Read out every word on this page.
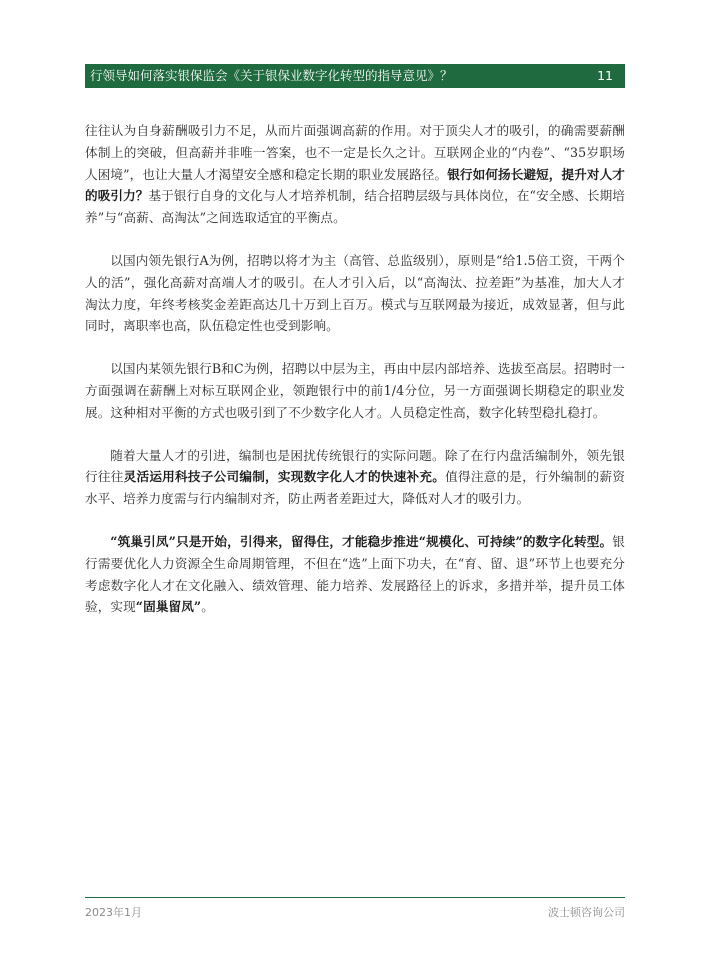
行领导如何落实银保监会《关于银保业数字化转型的指导意见》？	11

往往认为自身薪酬吸引力不足，从而片面强调高薪的作用。对于顶尖人才的吸引，的确需要薪酬体制上的突破，但高薪并非唯一答案，也不一定是长久之计。互联网企业的“内卷”、“35岁职场人困境”，也让大量人才渴望安全感和稳定长期的职业发展路径。银行如何扬长避短，提升对人才的吸引力？基于银行自身的文化与人才培养机制，结合招聘层级与具体岗位，在“安全感、长期培养”与“高薪、高淘汰”之间选取适宜的平衡点。

以国内领先银行A为例，招聘以将才为主（高管、总监级别），原则是“给1.5倍工资，干两个人的活”，强化高薪对高端人才的吸引。在人才引入后，以“高淘汰、拉差距”为基准，加大人才淘汰力度，年终考核奖金差距高达几十万到上百万。模式与互联网最为接近，成效显著，但与此同时，离职率也高，队伍稳定性也受到影响。

以国内某领先银行B和C为例，招聘以中层为主，再由中层内部培养、选拔至高层。招聘时一方面强调在薪酬上对标互联网企业，领跑银行中的前1/4分位，另一方面强调长期稳定的职业发展。这种相对平衡的方式也吸引到了不少数字化人才。人员稳定性高，数字化转型稳扎稳打。

随着大量人才的引进，编制也是困扰传统银行的实际问题。除了在行内盘活编制外，领先银行往往灵活运用科技子公司编制，实现数字化人才的快速补充。值得注意的是，行外编制的薪资水平、培养力度需与行内编制对齐，防止两者差距过大，降低对人才的吸引力。

“筑巢引凤”只是开始，引得来，留得住，才能稳步推进“规模化、可持续”的数字化转型。银行需要优化人力资源全生命周期管理，不但在“选”上面下功夫，在“育、留、退”环节上也要充分考虑数字化人才在文化融入、绩效管理、能力培养、发展路径上的诉求，多措并举，提升员工体验，实现“固巢留凤”。

2023年1月	波士顿咨询公司
